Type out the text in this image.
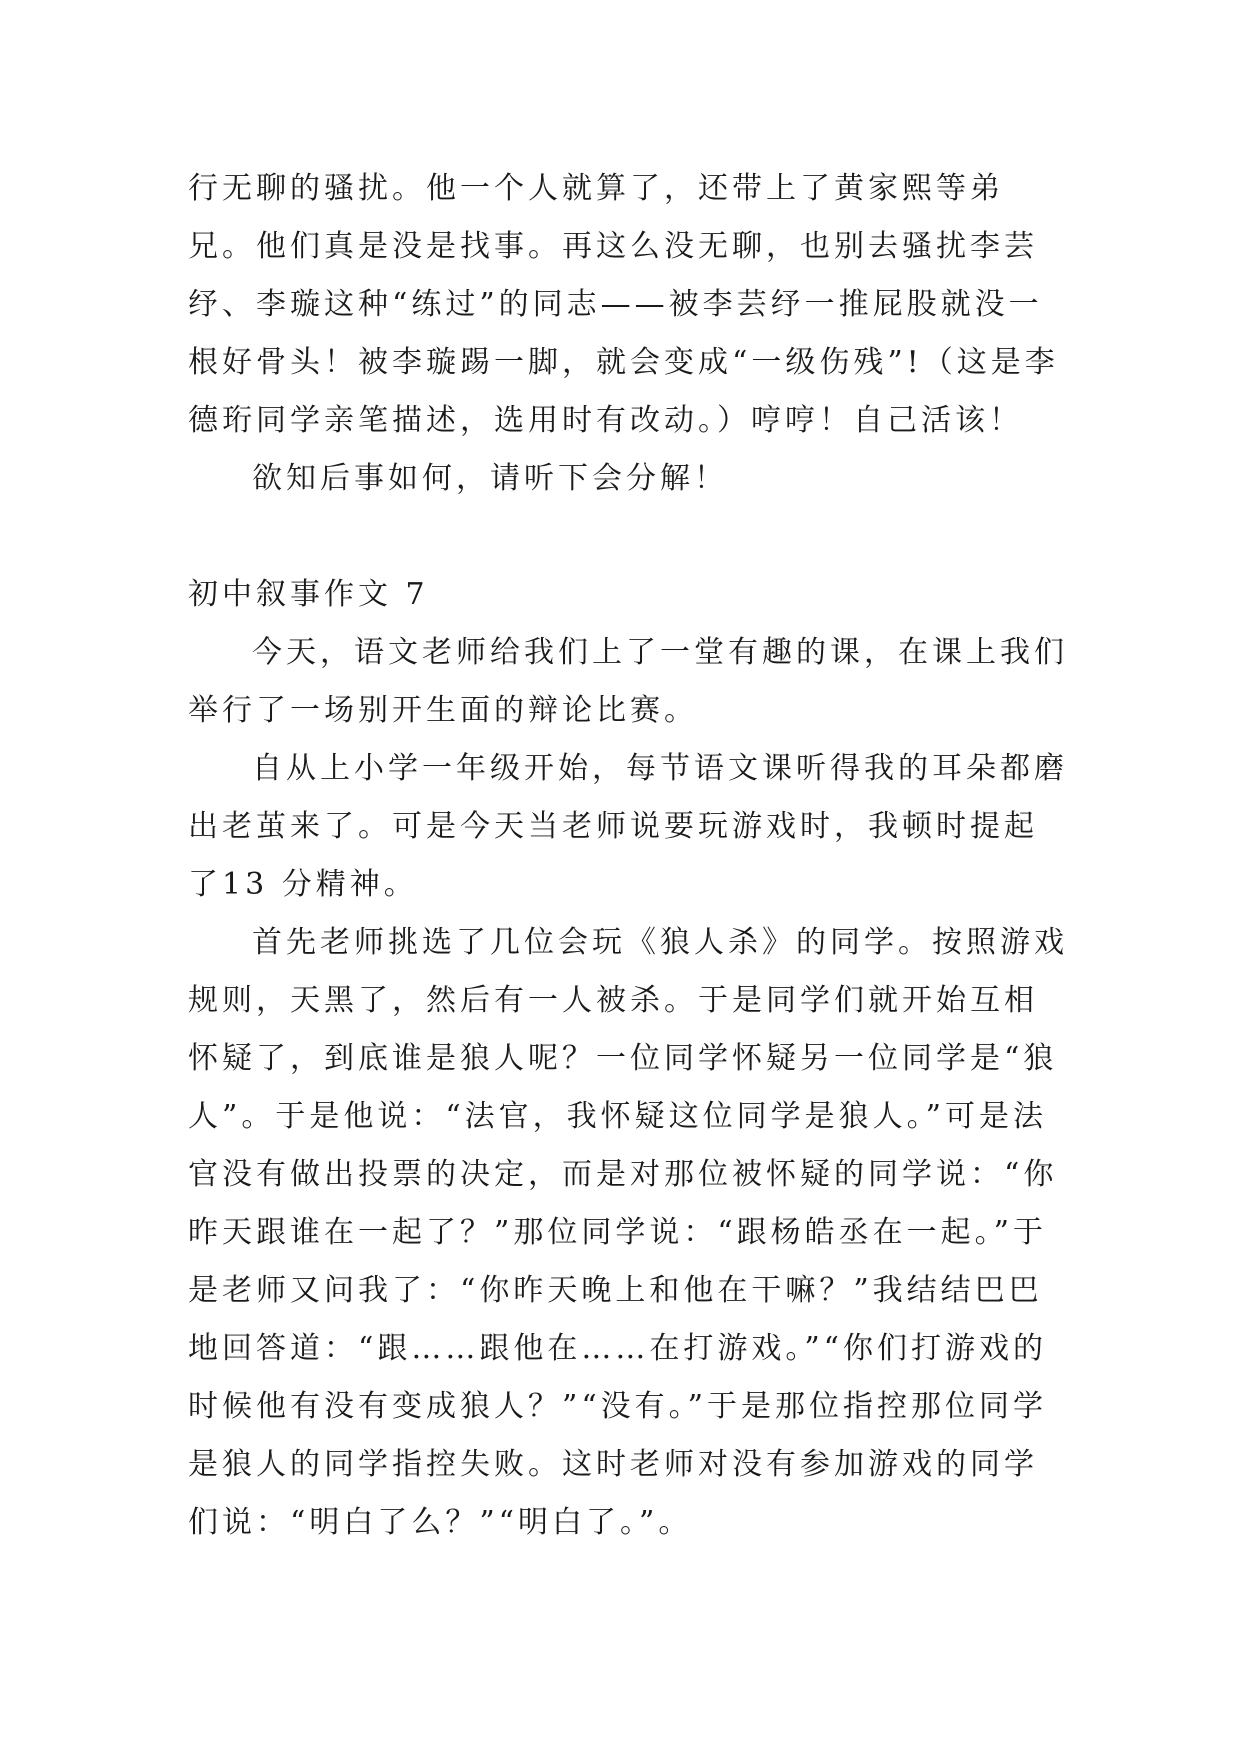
行无聊的骚扰。他一个人就算了，还带上了黄家熙等弟兄。他们真是没是找事。再这么没无聊，也别去骚扰李芸纾、李璇这种“练过”的同志——被李芸纾一推屁股就没一根好骨头！被李璇踢一脚，就会变成“一级伤残”!（这是李德珩同学亲笔描述，选用时有改动。）哼哼！自己活该！

欲知后事如何，请听下会分解！

初中叙事作文 7

今天，语文老师给我们上了一堂有趣的课，在课上我们举行了一场别开生面的辩论比赛。

自从上小学一年级开始，每节语文课听得我的耳朵都磨出老茧来了。可是今天当老师说要玩游戏时，我顿时提起了13 分精神。

首先老师挑选了几位会玩《狼人杀》的同学。按照游戏规则，天黑了，然后有一人被杀。于是同学们就开始互相怀疑了，到底谁是狼人呢？一位同学怀疑另一位同学是“狼人”。于是他说：“法官，我怀疑这位同学是狼人。”可是法官没有做出投票的决定，而是对那位被怀疑的同学说：“你昨天跟谁在一起了？”那位同学说：“跟杨皓丞在一起。”于是老师又问我了：“你昨天晚上和他在干嘛？”我结结巴巴地回答道：“跟……跟他在……在打游戏。”“你们打游戏的时候他有没有变成狼人？”“没有。”于是那位指控那位同学是狼人的同学指控失败。这时老师对没有参加游戏的同学们说：“明白了么？”“明白了。”。
